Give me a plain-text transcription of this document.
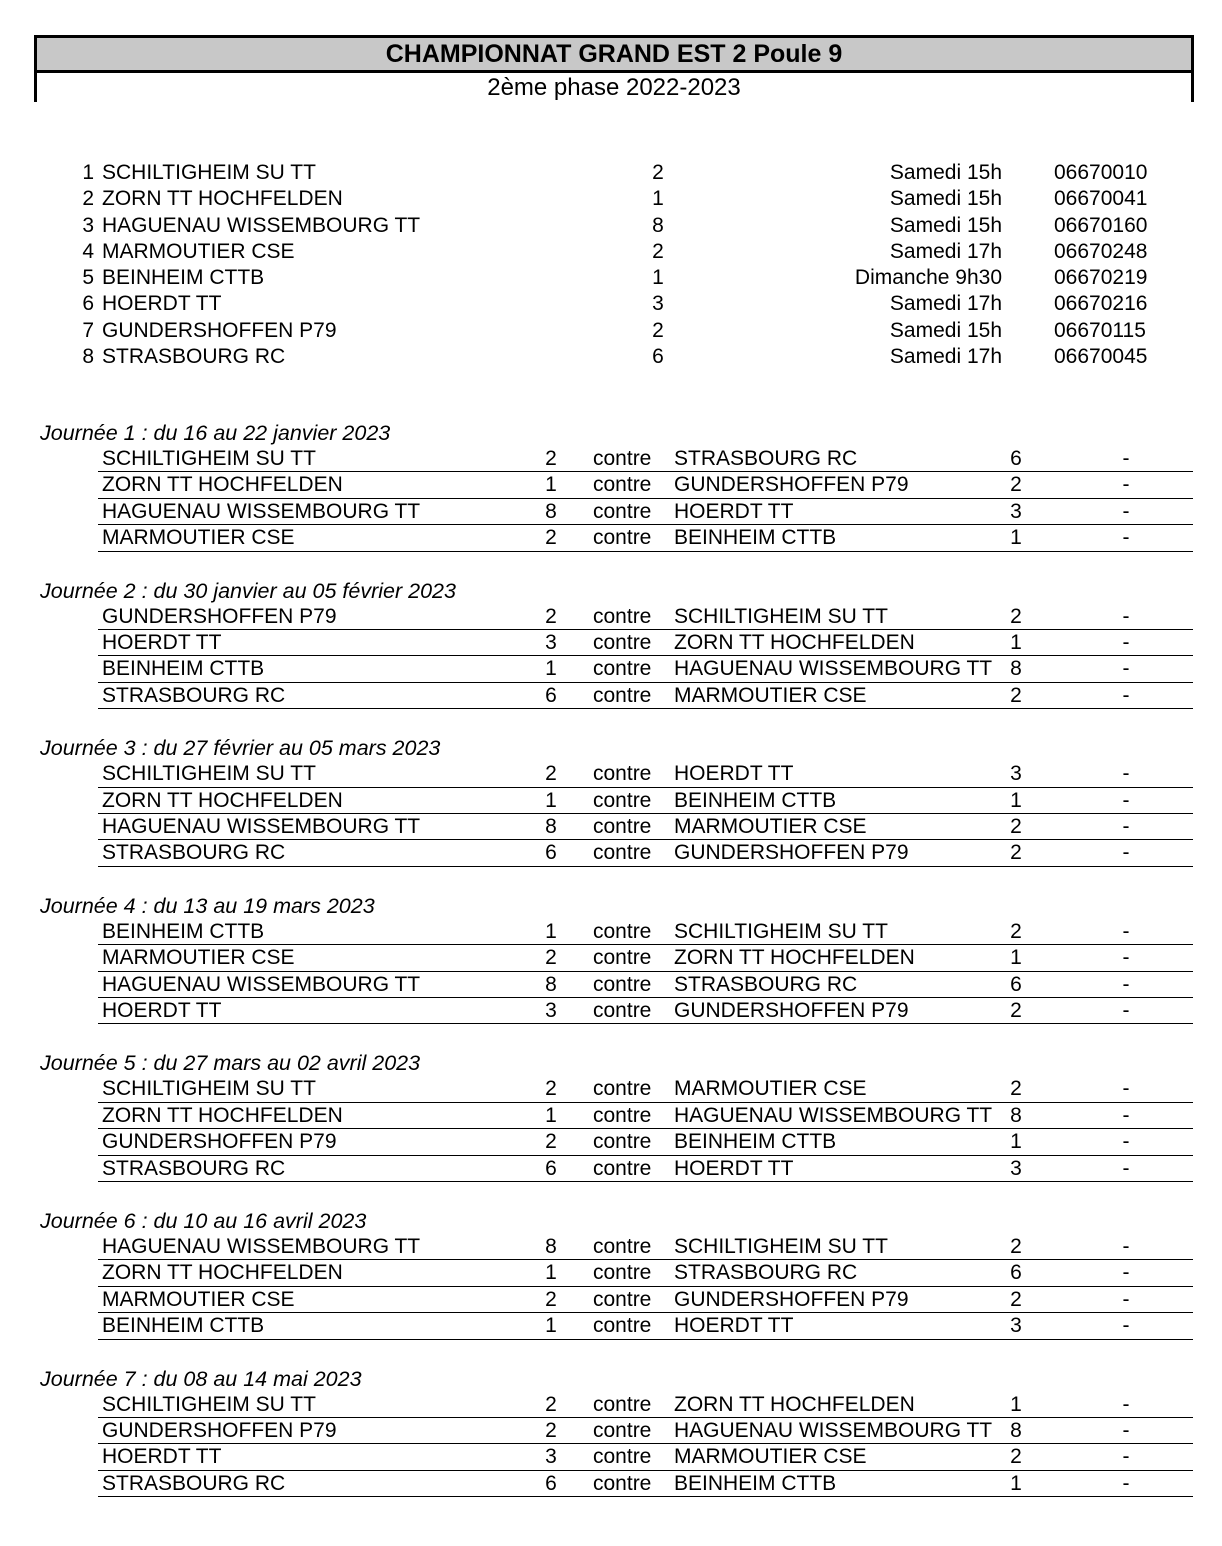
CHAMPIONNAT GRAND EST 2 Poule 9
2ème phase 2022-2023
1 SCHILTIGHEIM SU TT	2	Samedi 15h 06670010
2 ZORN TT HOCHFELDEN	1	Samedi 15h 06670041
3 HAGUENAU WISSEMBOURG TT	8	Samedi 15h 06670160
4 MARMOUTIER CSE	2	Samedi 17h 06670248
5 BEINHEIM CTTB	1	Dimanche 9h30 06670219
6 HOERDT TT	3	Samedi 17h 06670216
7 GUNDERSHOFFEN P79	2	Samedi 15h 06670115
8 STRASBOURG RC	6	Samedi 17h 06670045
Journée 1 : du 16 au 22 janvier 2023
SCHILTIGHEIM SU TT	2	contre STRASBOURG RC	6	-
ZORN TT HOCHFELDEN	1	contre GUNDERSHOFFEN P79	2	-
HAGUENAU WISSEMBOURG TT	8	contre HOERDT TT	3	-
MARMOUTIER CSE	2	contre BEINHEIM CTTB	1	-
Journée 2 : du 30 janvier au 05 février 2023
GUNDERSHOFFEN P79	2	contre SCHILTIGHEIM SU TT	2	-
HOERDT TT	3	contre ZORN TT HOCHFELDEN	1	-
BEINHEIM CTTB	1	contre HAGUENAU WISSEMBOURG TT 8	-
STRASBOURG RC	6	contre MARMOUTIER CSE	2	-
Journée 3 : du 27 février au 05 mars 2023
SCHILTIGHEIM SU TT	2	contre HOERDT TT	3	-
ZORN TT HOCHFELDEN	1	contre BEINHEIM CTTB	1	-
HAGUENAU WISSEMBOURG TT	8	contre MARMOUTIER CSE	2	-
STRASBOURG RC	6	contre GUNDERSHOFFEN P79	2	-
Journée 4 : du 13 au 19 mars 2023
BEINHEIM CTTB	1	contre SCHILTIGHEIM SU TT	2	-
MARMOUTIER CSE	2	contre ZORN TT HOCHFELDEN	1	-
HAGUENAU WISSEMBOURG TT	8	contre STRASBOURG RC	6	-
HOERDT TT	3	contre GUNDERSHOFFEN P79	2	-
Journée 5 : du 27 mars au 02 avril 2023
SCHILTIGHEIM SU TT	2	contre MARMOUTIER CSE	2	-
ZORN TT HOCHFELDEN	1	contre HAGUENAU WISSEMBOURG TT 8	-
GUNDERSHOFFEN P79	2	contre BEINHEIM CTTB	1	-
STRASBOURG RC	6	contre HOERDT TT	3	-
Journée 6 : du 10 au 16 avril 2023
HAGUENAU WISSEMBOURG TT	8	contre SCHILTIGHEIM SU TT	2	-
ZORN TT HOCHFELDEN	1	contre STRASBOURG RC	6	-
MARMOUTIER CSE	2	contre GUNDERSHOFFEN P79	2	-
BEINHEIM CTTB	1	contre HOERDT TT	3	-
Journée 7 : du 08 au 14 mai 2023
SCHILTIGHEIM SU TT	2	contre ZORN TT HOCHFELDEN	1	-
GUNDERSHOFFEN P79	2	contre HAGUENAU WISSEMBOURG TT 8	-
HOERDT TT	3	contre MARMOUTIER CSE	2	-
STRASBOURG RC	6	contre BEINHEIM CTTB	1	-
